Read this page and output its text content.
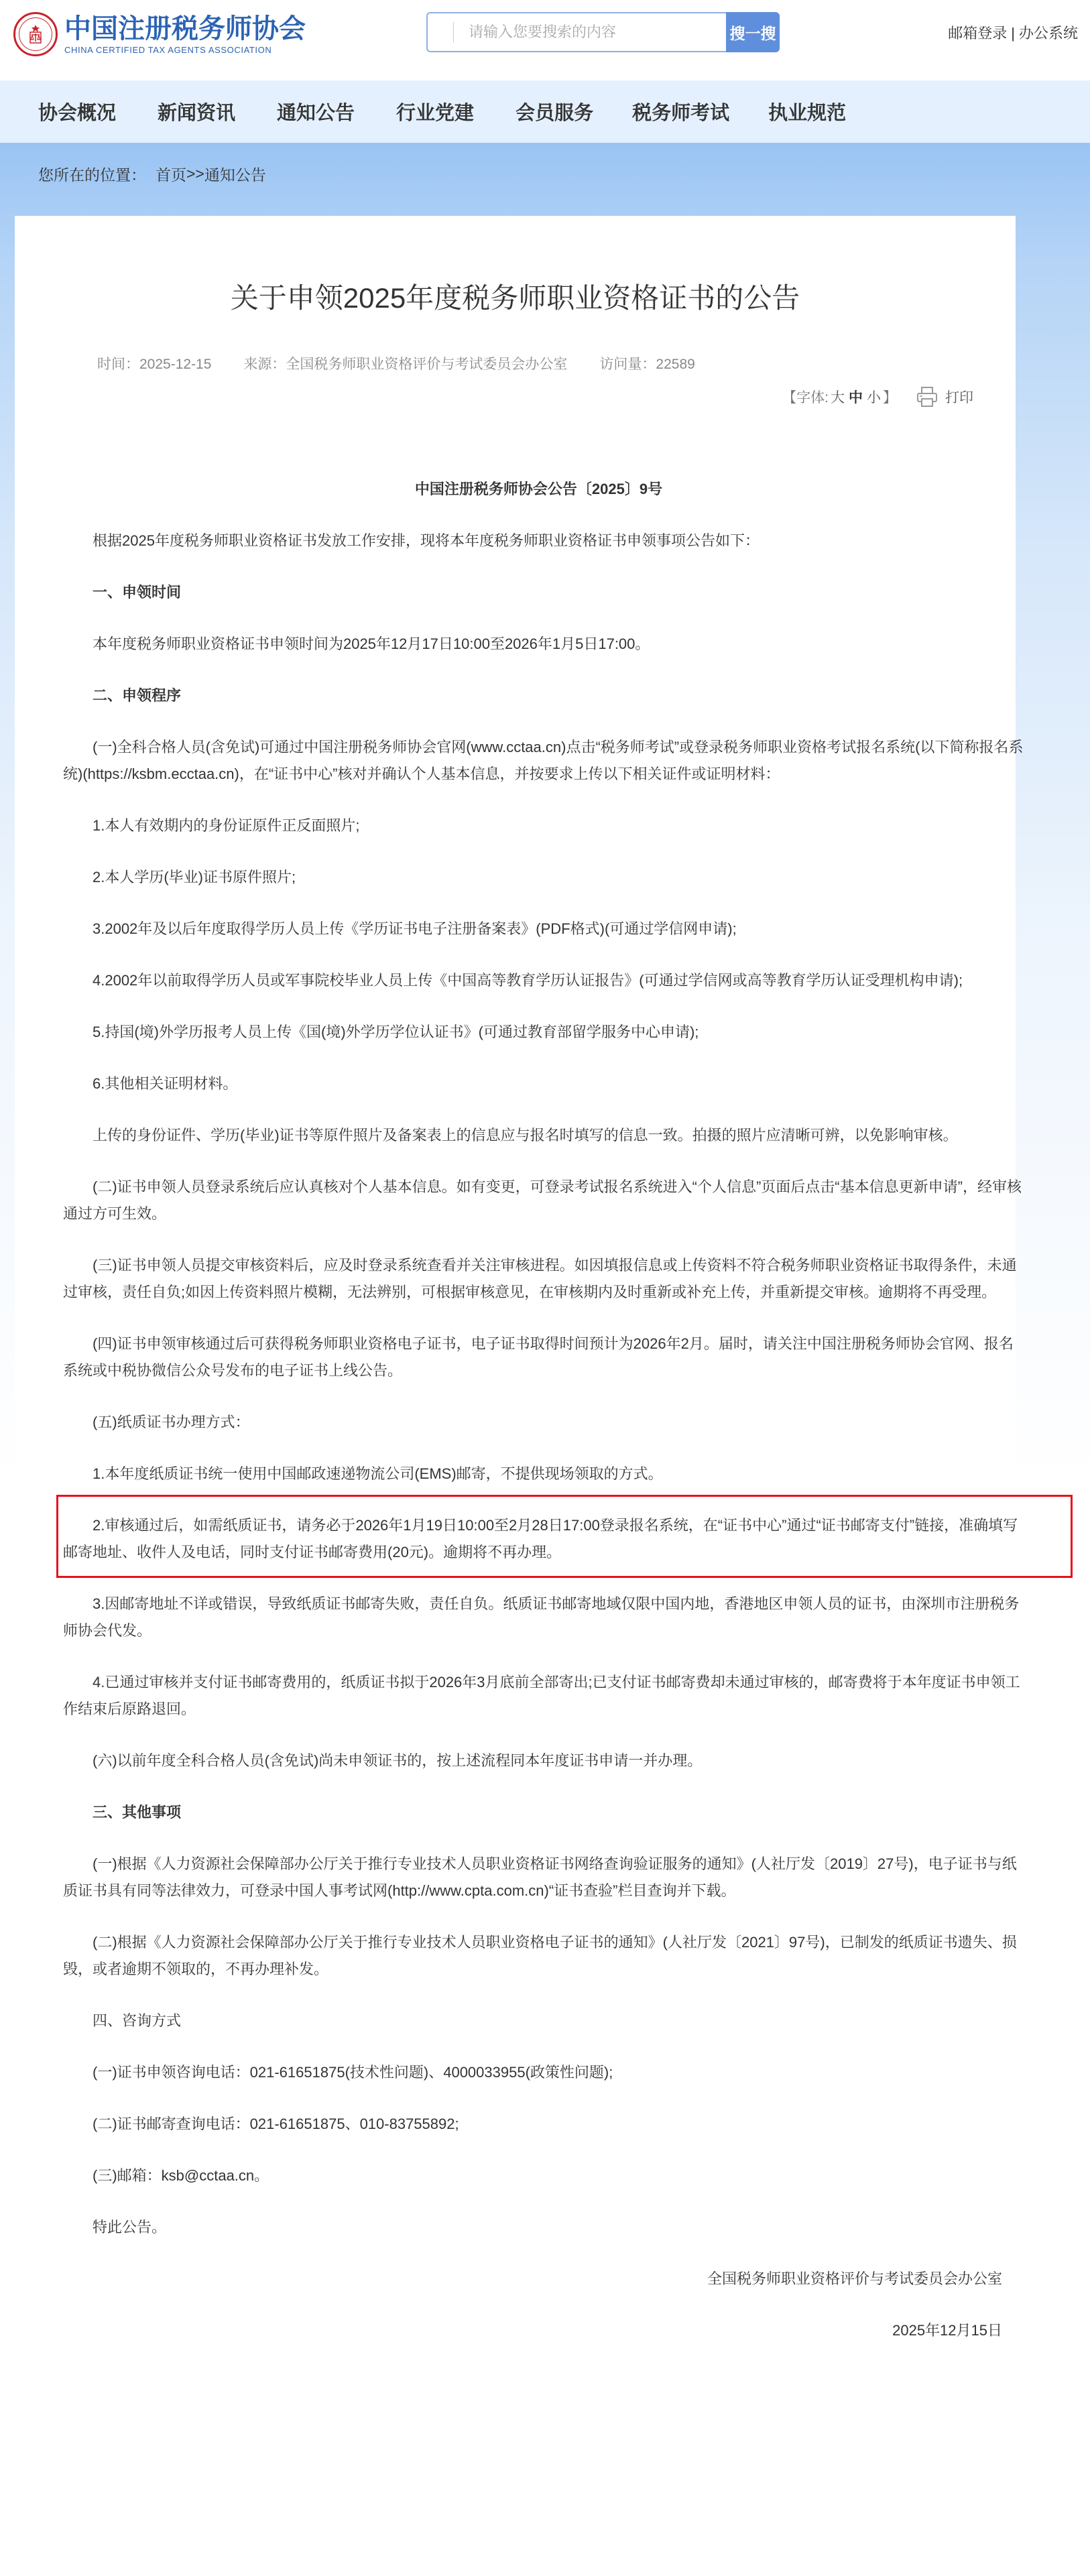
中国注册税务师协会
CHINA CERTIFIED TAX AGENTS ASSOCIATION
请输入您要搜索的内容
搜一搜	邮箱登录 | 办公系统
协会概况 新闻资讯 通知公告 行业党建 会员服务 税务师考试 执业规范
您所在的位置： 首页 >> 通知公告
关于申领2025年度税务师职业资格证书的公告
时间：2025-12-15 来源：全国税务师职业资格评价与考试委员会办公室 访问量：22589
【字体: 大 中 小 】	打印

中国注册税务师协会公告〔2025〕9号

根据2025年度税务师职业资格证书发放工作安排，现将本年度税务师职业资格证书申领事项公告如下：

一、申领时间

本年度税务师职业资格证书申领时间为2025年12月17日10:00至2026年1月5日17:00。

二、申领程序

(一)全科合格人员(含免试)可通过中国注册税务师协会官网(www.cctaa.cn)点击“税务师考试”或登录税务师职业资格考试报名系统(以下简称报名系统)(https://ksbm.ecctaa.cn)，在“证书中心”核对并确认个人基本信息，并按要求上传以下相关证件或证明材料：

1.本人有效期内的身份证原件正反面照片;

2.本人学历(毕业)证书原件照片;

3.2002年及以后年度取得学历人员上传《学历证书电子注册备案表》(PDF格式)(可通过学信网申请);

4.2002年以前取得学历人员或军事院校毕业人员上传《中国高等教育学历认证报告》(可通过学信网或高等教育学历认证受理机构申请);

5.持国(境)外学历报考人员上传《国(境)外学历学位认证书》(可通过教育部留学服务中心申请);

6.其他相关证明材料。

上传的身份证件、学历(毕业)证书等原件照片及备案表上的信息应与报名时填写的信息一致。拍摄的照片应清晰可辨，以免影响审核。

(二)证书申领人员登录系统后应认真核对个人基本信息。如有变更，可登录考试报名系统进入“个人信息”页面后点击“基本信息更新申请”，经审核通过方可生效。

(三)证书申领人员提交审核资料后，应及时登录系统查看并关注审核进程。如因填报信息或上传资料不符合税务师职业资格证书取得条件，未通过审核，责任自负;如因上传资料照片模糊，无法辨别，可根据审核意见，在审核期内及时重新或补充上传，并重新提交审核。逾期将不再受理。

(四)证书申领审核通过后可获得税务师职业资格电子证书，电子证书取得时间预计为2026年2月。届时，请关注中国注册税务师协会官网、报名系统或中税协微信公众号发布的电子证书上线公告。

(五)纸质证书办理方式：

1.本年度纸质证书统一使用中国邮政速递物流公司(EMS)邮寄，不提供现场领取的方式。

2.审核通过后，如需纸质证书，请务必于2026年1月19日10:00至2月28日17:00登录报名系统，在“证书中心”通过“证书邮寄支付”链接，准确填写邮寄地址、收件人及电话，同时支付证书邮寄费用(20元)。逾期将不再办理。

3.因邮寄地址不详或错误，导致纸质证书邮寄失败，责任自负。纸质证书邮寄地域仅限中国内地，香港地区申领人员的证书，由深圳市注册税务师协会代发。

4.已通过审核并支付证书邮寄费用的，纸质证书拟于2026年3月底前全部寄出;已支付证书邮寄费却未通过审核的，邮寄费将于本年度证书申领工作结束后原路退回。

(六)以前年度全科合格人员(含免试)尚未申领证书的，按上述流程同本年度证书申请一并办理。

三、其他事项

(一)根据《人力资源社会保障部办公厅关于推行专业技术人员职业资格证书网络查询验证服务的通知》(人社厅发〔2019〕27号)，电子证书与纸质证书具有同等法律效力，可登录中国人事考试网(http://www.cpta.com.cn)“证书查验”栏目查询并下载。

(二)根据《人力资源社会保障部办公厅关于推行专业技术人员职业资格电子证书的通知》(人社厅发〔2021〕97号)，已制发的纸质证书遗失、损毁，或者逾期不领取的，不再办理补发。

四、咨询方式

(一)证书申领咨询电话：021-61651875(技术性问题)、4000033955(政策性问题);

(二)证书邮寄查询电话：021-61651875、010-83755892;

(三)邮箱：ksb@cctaa.cn。

特此公告。

全国税务师职业资格评价与考试委员会办公室

2025年12月15日
